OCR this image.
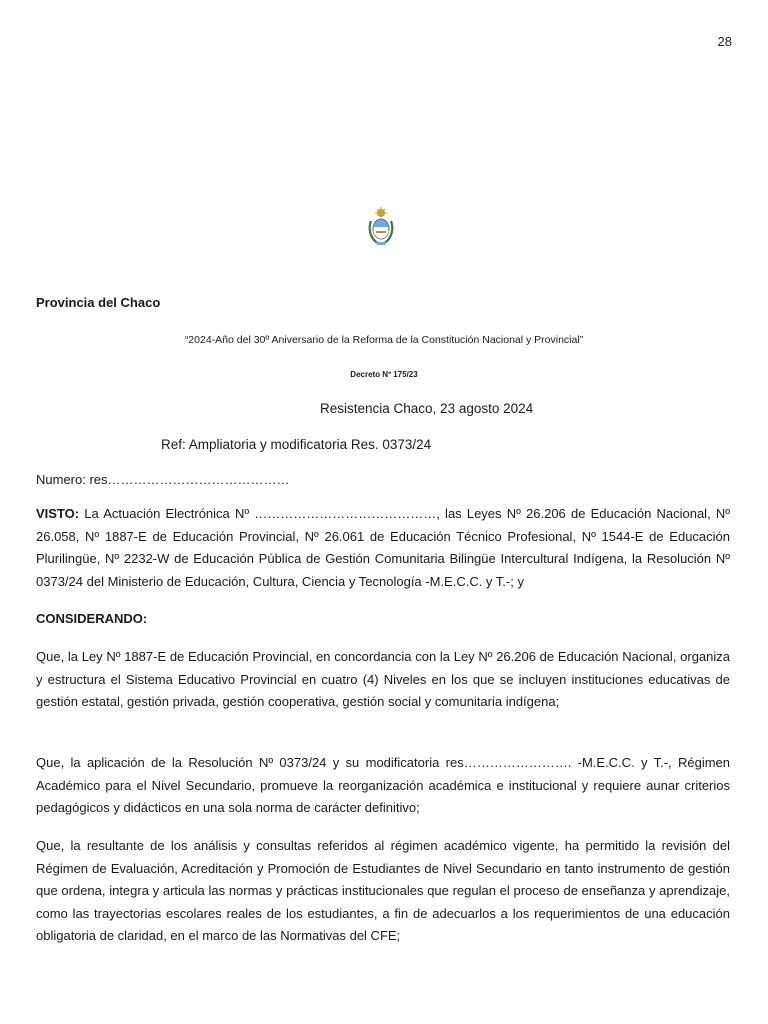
28
Provincia del Chaco
“2024-Año del 30º Aniversario de la Reforma de la Constitución Nacional y Provincial”
Decreto Nº 175/23
Resistencia Chaco, 23 agosto 2024
Ref: Ampliatoria y modificatoria Res. 0373/24
Numero: res……………………………………
VISTO: La Actuación Electrónica Nº ……………………………………, las Leyes Nº 26.206 de Educación Nacional, Nº 26.058, Nº 1887-E de Educación Provincial, Nº 26.061 de Educación Técnico Profesional, Nº 1544-E de Educación Plurilingüe, Nº 2232-W de Educación Pública de Gestión Comunitaria Bilingüe Intercultural Indígena, la Resolución Nº 0373/24 del Ministerio de Educación, Cultura, Ciencia y Tecnología -M.E.C.C. y T.-; y
CONSIDERANDO:
Que, la Ley Nº 1887-E de Educación Provincial, en concordancia con la Ley Nº 26.206 de Educación Nacional, organiza y estructura el Sistema Educativo Provincial en cuatro (4) Niveles en los que se incluyen instituciones educativas de gestión estatal, gestión privada, gestión cooperativa, gestión social y comunitaria indígena;
Que, la aplicación de la Resolución Nº 0373/24 y su modificatoria res……………………. -M.E.C.C. y T.-, Régimen Académico para el Nivel Secundario, promueve la reorganización académica e institucional y requiere aunar criterios pedagógicos y didácticos en una sola norma de carácter definitivo;
Que, la resultante de los análisis y consultas referidos al régimen académico vigente, ha permitido la revisión del Régimen de Evaluación, Acreditación y Promoción de Estudiantes de Nivel Secundario en tanto instrumento de gestión que ordena, integra y articula las normas y prácticas institucionales que regulan el proceso de enseñanza y aprendizaje, como las trayectorias escolares reales de los estudiantes, a fin de adecuarlos a los requerimientos de una educación obligatoria de claridad, en el marco de las Normativas del CFE;
